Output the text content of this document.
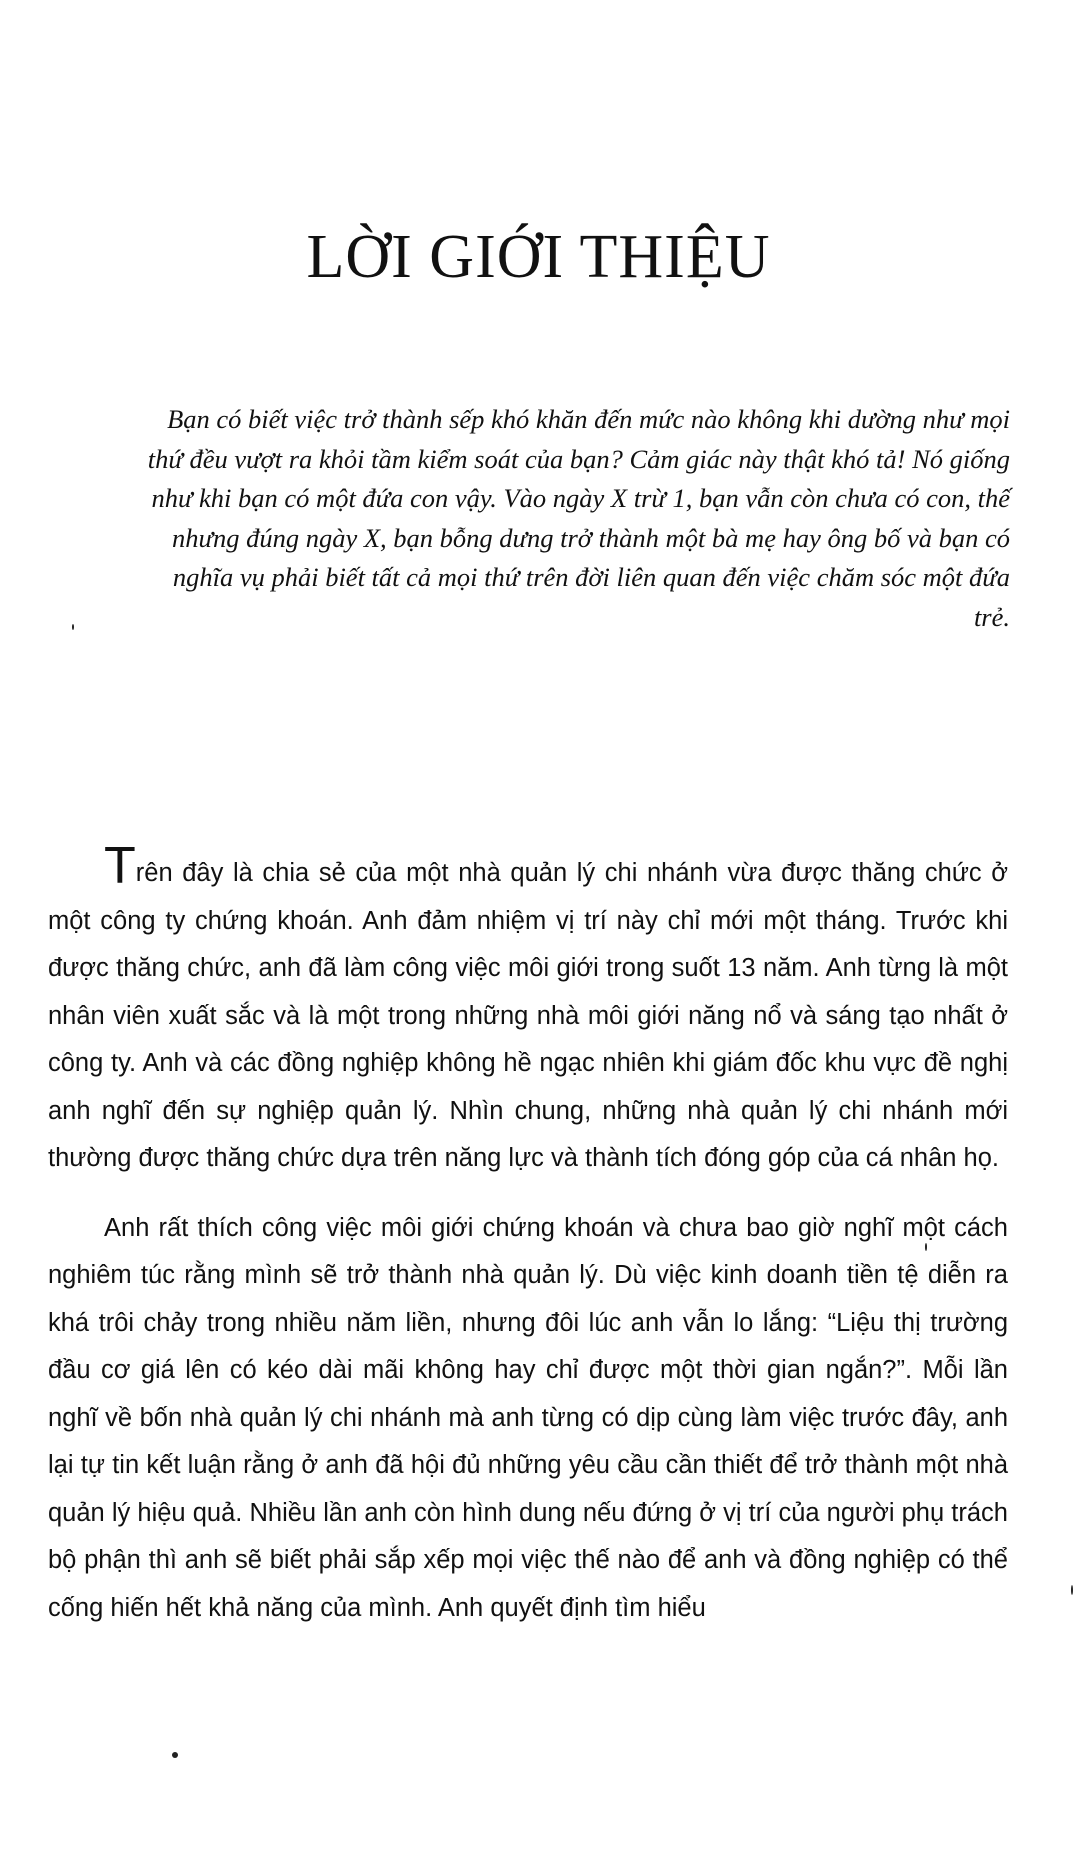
LỜI GIỚI THIỆU

Bạn có biết việc trở thành sếp khó khăn đến mức nào không khi dường như mọi thứ đều vượt ra khỏi tầm kiểm soát của bạn? Cảm giác này thật khó tả! Nó giống như khi bạn có một đứa con vậy. Vào ngày X trừ 1, bạn vẫn còn chưa có con, thế nhưng đúng ngày X, bạn bỗng dưng trở thành một bà mẹ hay ông bố và bạn có nghĩa vụ phải biết tất cả mọi thứ trên đời liên quan đến việc chăm sóc một đứa trẻ.

Trên đây là chia sẻ của một nhà quản lý chi nhánh vừa được thăng chức ở một công ty chứng khoán. Anh đảm nhiệm vị trí này chỉ mới một tháng. Trước khi được thăng chức, anh đã làm công việc môi giới trong suốt 13 năm. Anh từng là một nhân viên xuất sắc và là một trong những nhà môi giới năng nổ và sáng tạo nhất ở công ty. Anh và các đồng nghiệp không hề ngạc nhiên khi giám đốc khu vực đề nghị anh nghĩ đến sự nghiệp quản lý. Nhìn chung, những nhà quản lý chi nhánh mới thường được thăng chức dựa trên năng lực và thành tích đóng góp của cá nhân họ.

Anh rất thích công việc môi giới chứng khoán và chưa bao giờ nghĩ một cách nghiêm túc rằng mình sẽ trở thành nhà quản lý. Dù việc kinh doanh tiền tệ diễn ra khá trôi chảy trong nhiều năm liền, nhưng đôi lúc anh vẫn lo lắng: “Liệu thị trường đầu cơ giá lên có kéo dài mãi không hay chỉ được một thời gian ngắn?”. Mỗi lần nghĩ về bốn nhà quản lý chi nhánh mà anh từng có dịp cùng làm việc trước đây, anh lại tự tin kết luận rằng ở anh đã hội đủ những yêu cầu cần thiết để trở thành một nhà quản lý hiệu quả. Nhiều lần anh còn hình dung nếu đứng ở vị trí của người phụ trách bộ phận thì anh sẽ biết phải sắp xếp mọi việc thế nào để anh và đồng nghiệp có thể cống hiến hết khả năng của mình. Anh quyết định tìm hiểu
